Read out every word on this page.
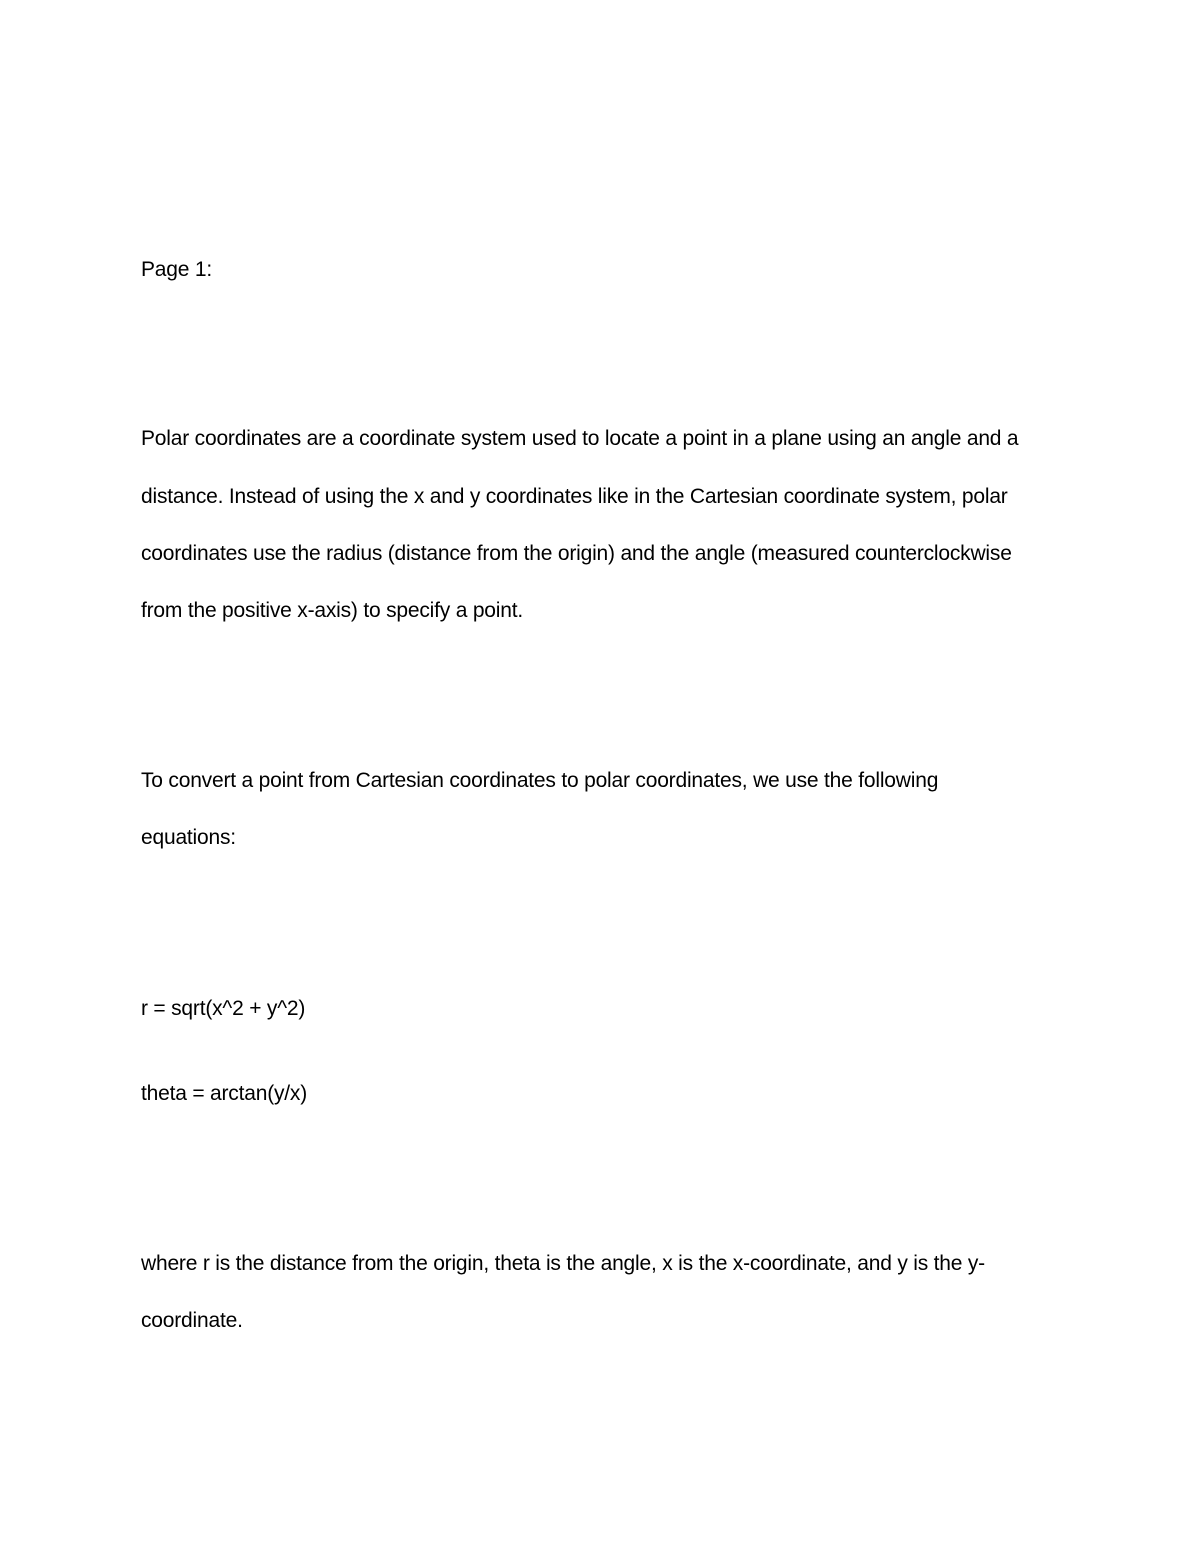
Page 1:
Polar coordinates are a coordinate system used to locate a point in a plane using an angle and a
distance. Instead of using the x and y coordinates like in the Cartesian coordinate system, polar
coordinates use the radius (distance from the origin) and the angle (measured counterclockwise
from the positive x-axis) to specify a point.
To convert a point from Cartesian coordinates to polar coordinates, we use the following
equations:
r = sqrt(x^2 + y^2)
theta = arctan(y/x)
where r is the distance from the origin, theta is the angle, x is the x-coordinate, and y is the y-
coordinate.
